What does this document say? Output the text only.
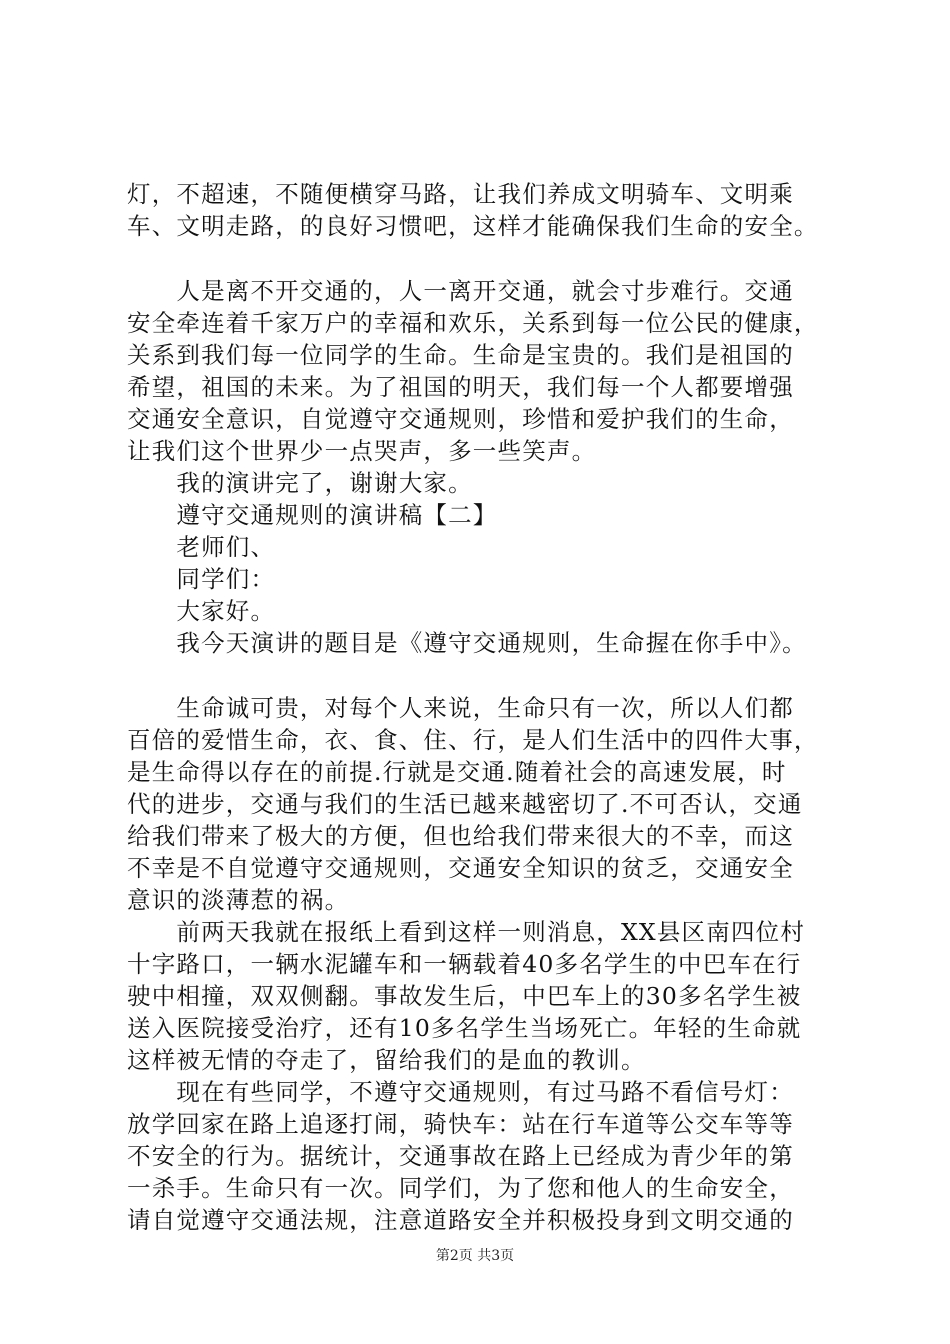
灯，不超速，不随便横穿马路，让我们养成文明骑车、文明乘
车、文明走路，的良好习惯吧，这样才能确保我们生命的安全。
　　人是离不开交通的，人一离开交通，就会寸步难行。交通
安全牵连着千家万户的幸福和欢乐，关系到每一位公民的健康，
关系到我们每一位同学的生命。生命是宝贵的。我们是祖国的
希望，祖国的未来。为了祖国的明天，我们每一个人都要增强
交通安全意识，自觉遵守交通规则，珍惜和爱护我们的生命，
让我们这个世界少一点哭声，多一些笑声。
　　我的演讲完了，谢谢大家。
　　遵守交通规则的演讲稿【二】
　　老师们、
　　同学们：
　　大家好。
　　我今天演讲的题目是《遵守交通规则，生命握在你手中》。
　　生命诚可贵，对每个人来说，生命只有一次，所以人们都
百倍的爱惜生命，衣、食、住、行，是人们生活中的四件大事，
是生命得以存在的前提.行就是交通.随着社会的高速发展，时
代的进步，交通与我们的生活已越来越密切了.不可否认，交通
给我们带来了极大的方便，但也给我们带来很大的不幸，而这
不幸是不自觉遵守交通规则，交通安全知识的贫乏，交通安全
意识的淡薄惹的祸。
　　前两天我就在报纸上看到这样一则消息，XX县区南四位村
十字路口，一辆水泥罐车和一辆载着40多名学生的中巴车在行
驶中相撞，双双侧翻。事故发生后，中巴车上的30多名学生被
送入医院接受治疗，还有10多名学生当场死亡。年轻的生命就
这样被无情的夺走了，留给我们的是血的教训。
　　现在有些同学，不遵守交通规则，有过马路不看信号灯：
放学回家在路上追逐打闹，骑快车：站在行车道等公交车等等
不安全的行为。据统计，交通事故在路上已经成为青少年的第
一杀手。生命只有一次。同学们，为了您和他人的生命安全，
请自觉遵守交通法规，注意道路安全并积极投身到文明交通的
第2页 共3页
